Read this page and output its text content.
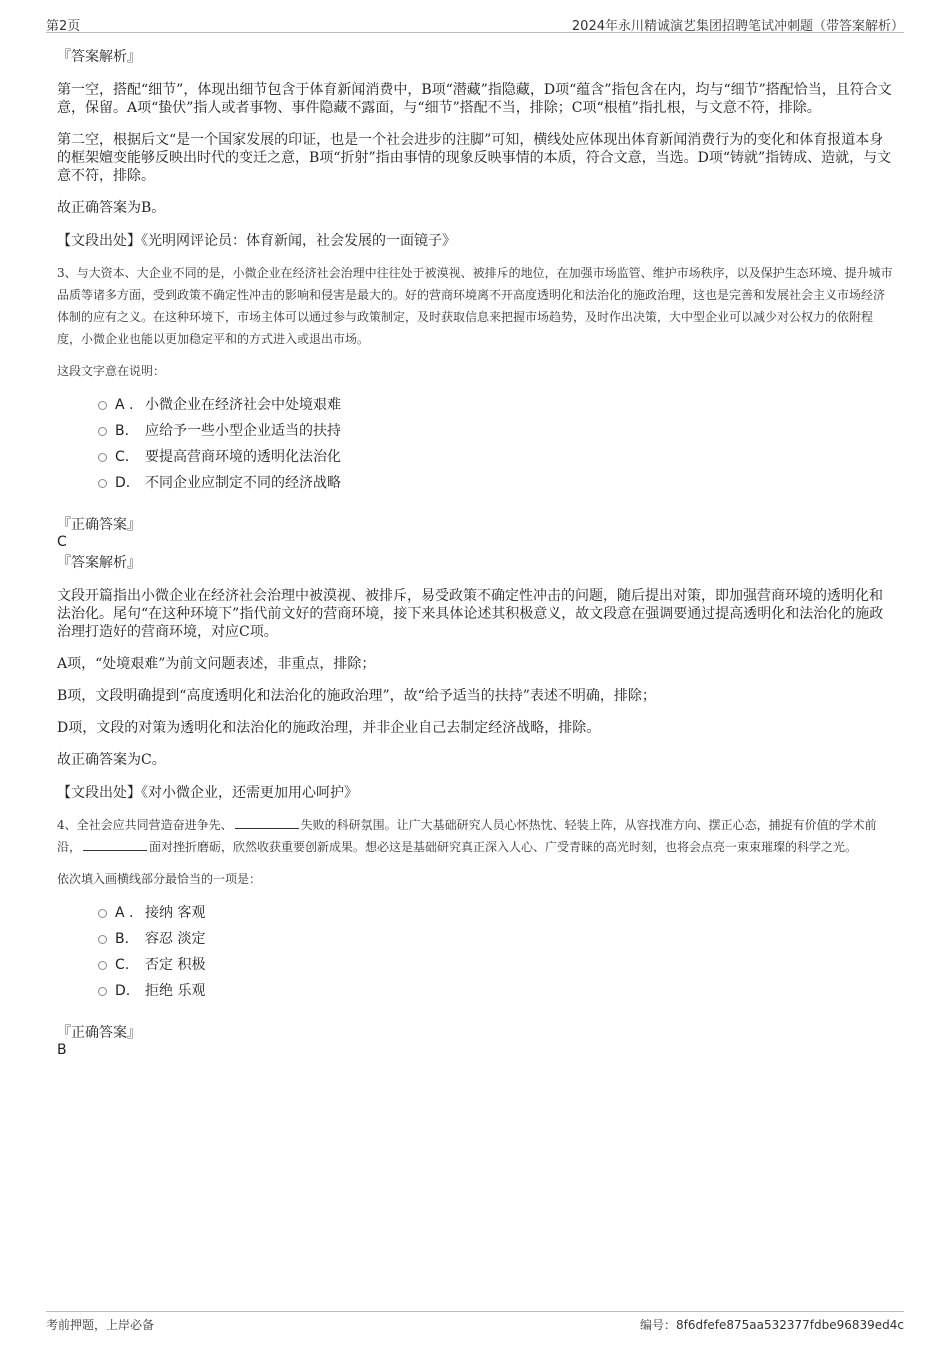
第2页	2024年永川精诚演艺集团招聘笔试冲刺题（带答案解析）

『答案解析』

第一空，搭配“细节”，体现出细节包含于体育新闻消费中，B项“潜藏”指隐藏，D项“蕴含”指包含在内，均与“细节”搭配恰当，且符合文意，保留。A项“蛰伏”指人或者事物、事件隐藏不露面，与“细节”搭配不当，排除；C项“根植”指扎根，与文意不符，排除。

第二空，根据后文“是一个国家发展的印证，也是一个社会进步的注脚”可知，横线处应体现出体育新闻消费行为的变化和体育报道本身的框架嬗变能够反映出时代的变迁之意，B项“折射”指由事情的现象反映事情的本质，符合文意，当选。D项“铸就”指铸成、造就，与文意不符，排除。

故正确答案为B。

【文段出处】《光明网评论员：体育新闻，社会发展的一面镜子》

3、与大资本、大企业不同的是，小微企业在经济社会治理中往往处于被漠视、被排斥的地位，在加强市场监管、维护市场秩序，以及保护生态环境、提升城市品质等诸多方面，受到政策不确定性冲击的影响和侵害是最大的。好的营商环境离不开高度透明化和法治化的施政治理，这也是完善和发展社会主义市场经济体制的应有之义。在这种环境下，市场主体可以通过参与政策制定，及时获取信息来把握市场趋势，及时作出决策，大中型企业可以减少对公权力的依附程度，小微企业也能以更加稳定平和的方式进入或退出市场。

这段文字意在说明：

A . 小微企业在经济社会中处境艰难
B. 应给予一些小型企业适当的扶持
C. 要提高营商环境的透明化法治化
D. 不同企业应制定不同的经济战略

『正确答案』

C

『答案解析』

文段开篇指出小微企业在经济社会治理中被漠视、被排斥，易受政策不确定性冲击的问题，随后提出对策，即加强营商环境的透明化和法治化。尾句“在这种环境下”指代前文好的营商环境，接下来具体论述其积极意义，故文段意在强调要通过提高透明化和法治化的施政治理打造好的营商环境，对应C项。

A项，“处境艰难”为前文问题表述，非重点，排除；

B项，文段明确提到“高度透明化和法治化的施政治理”，故“给予适当的扶持”表述不明确，排除；

D项，文段的对策为透明化和法治化的施政治理，并非企业自己去制定经济战略，排除。

故正确答案为C。

【文段出处】《对小微企业，还需更加用心呵护》

4、全社会应共同营造奋进争先、	失败的科研氛围。让广大基础研究人员心怀热忱、轻装上阵，从容找准方向、摆正心态，捕捉有价值的学术前沿，	面对挫折磨砺，欣然收获重要创新成果。想必这是基础研究真正深入人心、广受青睐的高光时刻，也将会点亮一束束璀璨的科学之光。

依次填入画横线部分最恰当的一项是：

A . 接纳 客观
B. 容忍 淡定
C. 否定 积极
D. 拒绝 乐观

『正确答案』

B

考前押题，上岸必备	编号：8f6dfefe875aa532377fdbe96839ed4c
